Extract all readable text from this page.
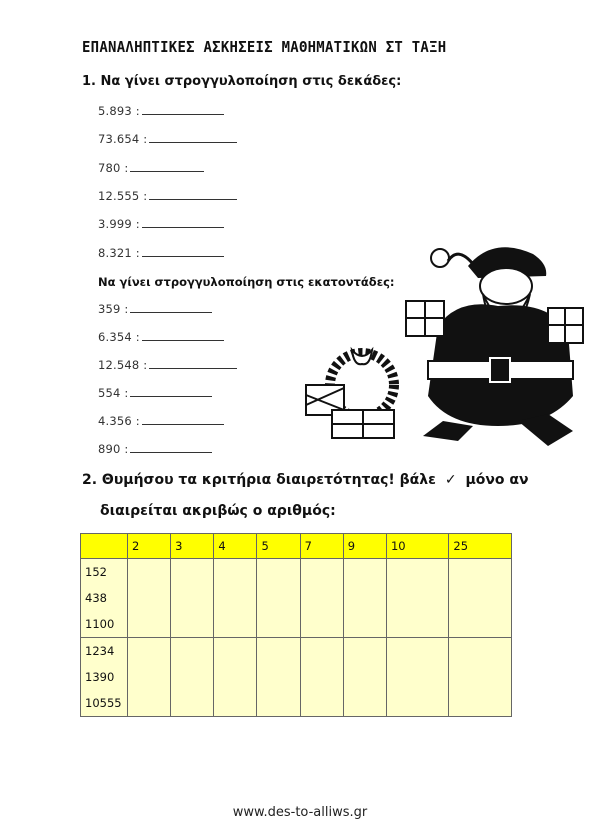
ΕΠΑΝΑΛΗΠΤΙΚΕΣ ΑΣΚΗΣΕΙΣ ΜΑΘΗΜΑΤΙΚΩΝ ΣΤ ΤΑΞΗ
1. Να γίνει στρογγυλοποίηση στις δεκάδες:
5.893 :
73.654 :
780 :
12.555 :
3.999 :
8.321 :
Να γίνει στρογγυλοποίηση στις εκατοντάδες:
359 :
6.354 :
12.548 :
554 :
4.356 :
890 :
2. Θυμήσου τα κριτήρια διαιρετότητας! βάλε ✓ μόνο αν
διαιρείται ακριβώς ο αριθμός:
	2	3	4	5	7	9	10	25
152								
438								
1100								
1234								
1390								
10555								
www.des-to-alliws.gr
